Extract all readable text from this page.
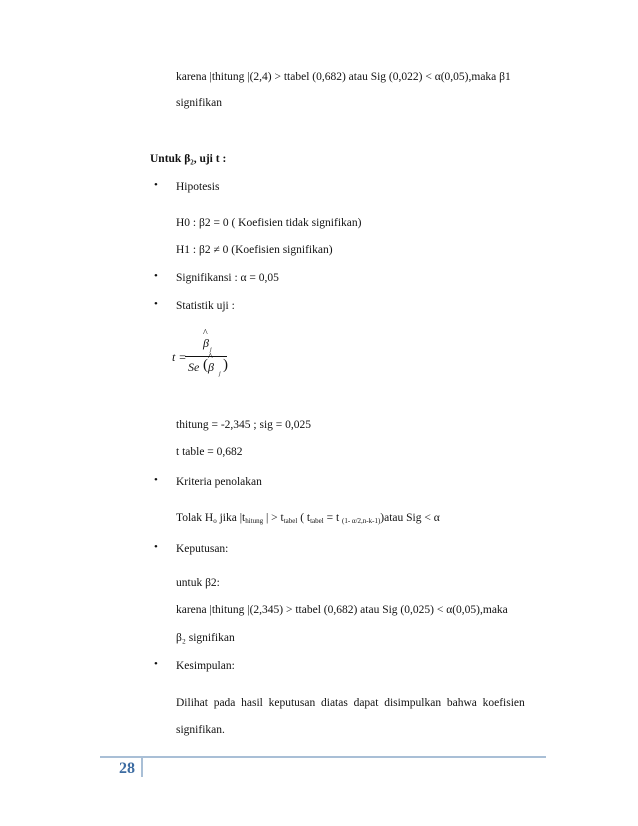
karena |thitung |(2,4) > ttabel (0,682) atau Sig (0,022) < α(0,05),maka β1
signifikan
Untuk β₂, uji t :
• Hipotesis
H0 : β2 = 0 ( Koefisien tidak signifikan)
H1 : β2 ≠ 0 (Koefisien signifikan)
• Signifikansi : α = 0,05
• Statistik uji :
t =
^
β j
Se ( ^
β j
)
thitung = -2,345 ; sig = 0,025
t table = 0,682
• Kriteria penolakan
Tolak Ho jika |thitung | > ttabel ( ttabel = t (1- α/2,n-k-1))atau Sig < α
• Keputusan:
untuk β2:
karena |thitung |(2,345) > ttabel (0,682) atau Sig (0,025) < α(0,05),maka
β₂ signifikan
• Kesimpulan:
Dilihat  pada  hasil  keputusan  diatas  dapat  disimpulkan  bahwa  koefisien
signifikan.
28
